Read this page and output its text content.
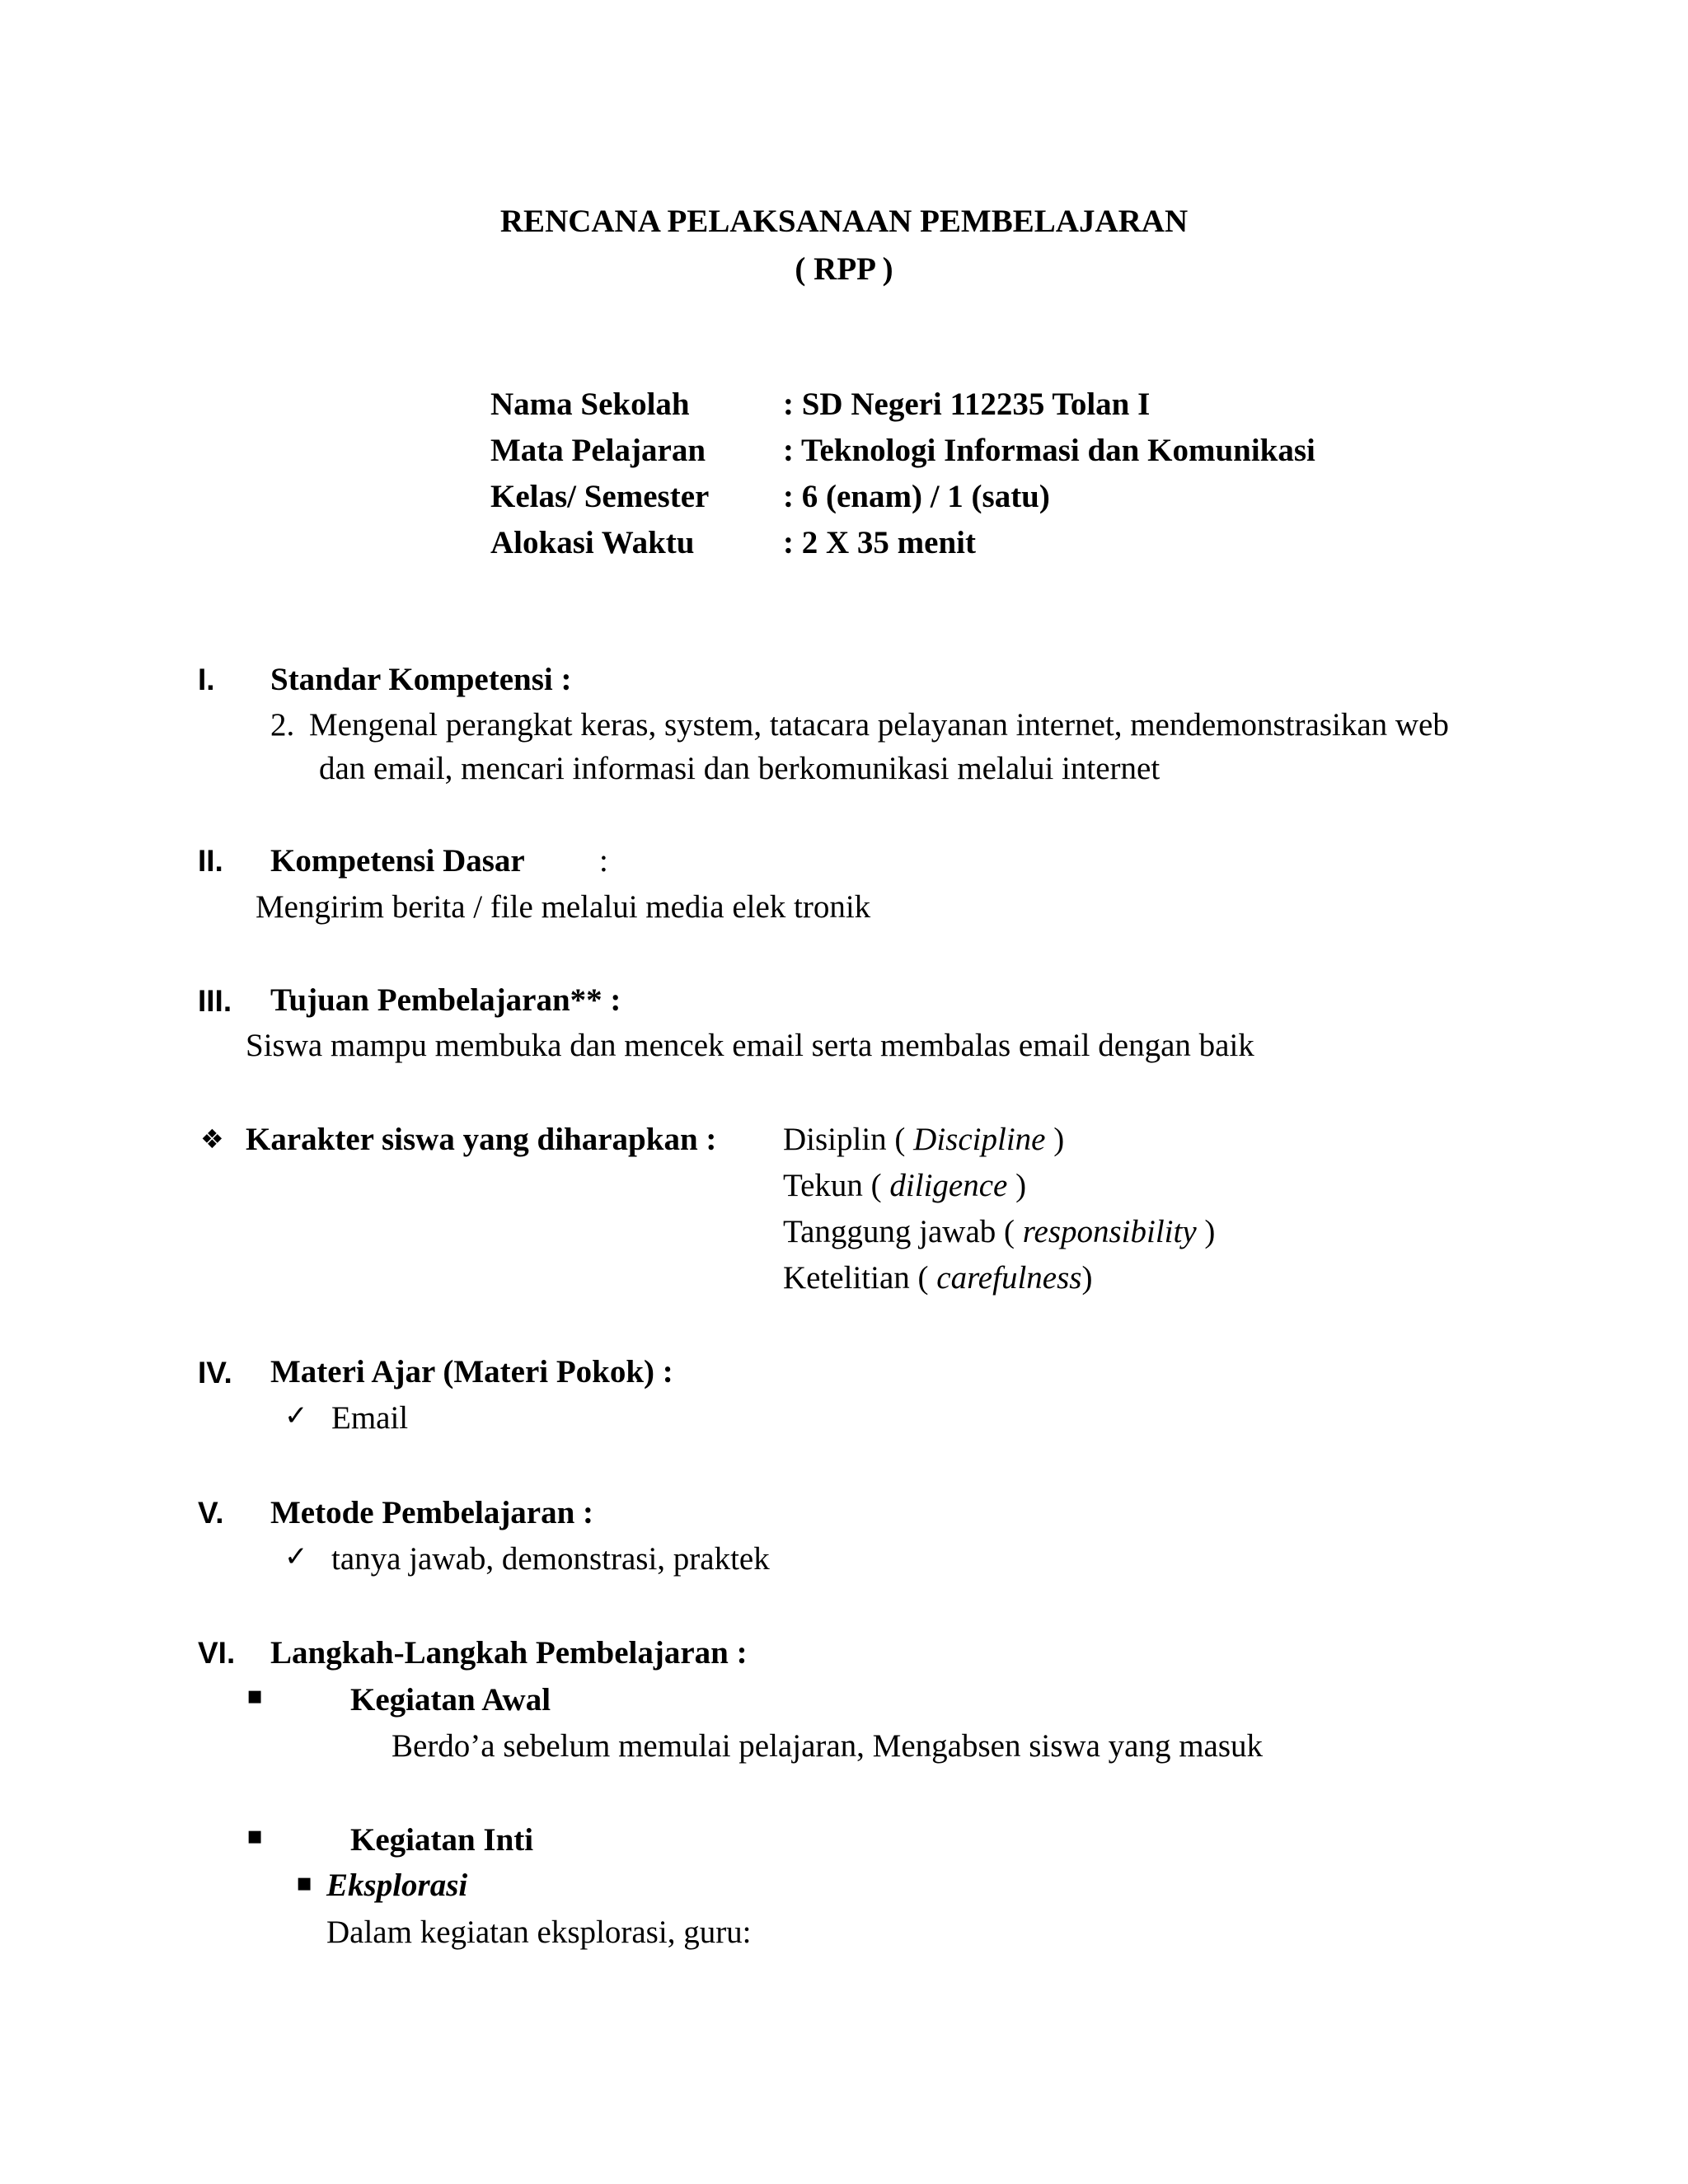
RENCANA PELAKSANAAN PEMBELAJARAN
( RPP )
Nama Sekolah	: SD Negeri 112235 Tolan I
Mata Pelajaran : Teknologi Informasi dan Komunikasi
Kelas/ Semester : 6 (enam) / 1 (satu)
Alokasi Waktu	: 2 X 35 menit
I. Standar Kompetensi :
2. Mengenal perangkat keras, system, tatacara pelayanan internet, mendemonstrasikan web
dan email, mencari informasi dan berkomunikasi melalui internet
II. Kompetensi Dasar :
Mengirim berita / file melalui media elek tronik
III. Tujuan Pembelajaran** :
Siswa mampu membuka dan mencek email serta membalas email dengan baik
❖ Karakter siswa yang diharapkan : Disiplin ( Discipline )
Tekun ( diligence )
Tanggung jawab ( responsibility )
Ketelitian ( carefulness)
IV. Materi Ajar (Materi Pokok) :
✓ Email
V. Metode Pembelajaran :
✓ tanya jawab, demonstrasi, praktek
VI. Langkah-Langkah Pembelajaran :
▪	Kegiatan Awal
Berdo’a sebelum memulai pelajaran, Mengabsen siswa yang masuk
▪	Kegiatan Inti
▪ Eksplorasi
Dalam kegiatan eksplorasi, guru:
